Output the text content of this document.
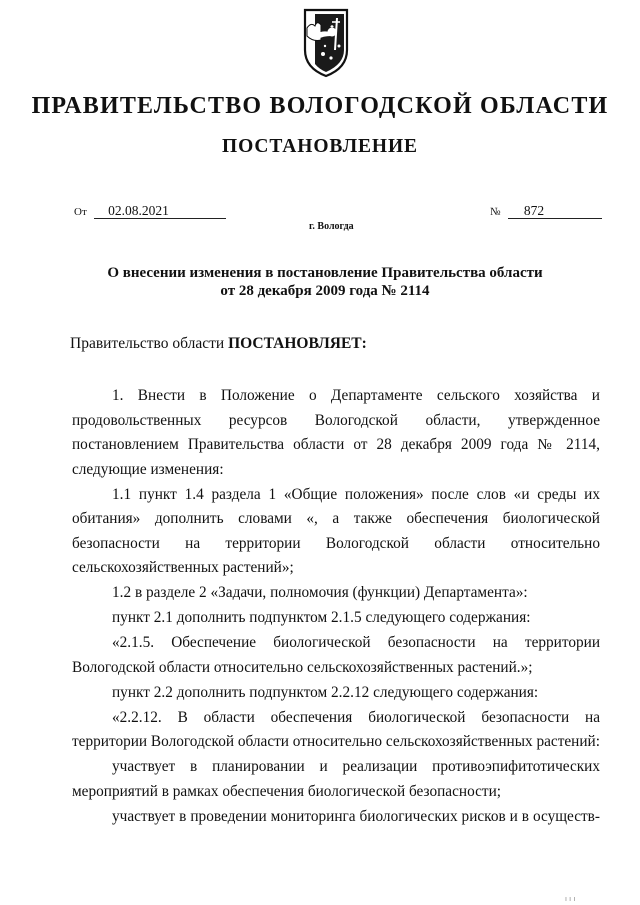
ПРАВИТЕЛЬСТВО ВОЛОГОДСКОЙ ОБЛАСТИ
ПОСТАНОВЛЕНИЕ
От 02.08.2021	№ 872
г. Вологда
О внесении изменения в постановление Правительства области
от 28 декабря 2009 года № 2114
Правительство области ПОСТАНОВЛЯЕТ:

1. Внести в Положение о Департаменте сельского хозяйства и продовольственных ресурсов Вологодской области, утвержденное постановлением Правительства области от 28 декабря 2009 года № 2114, следующие изменения:

1.1 пункт 1.4 раздела 1 «Общие положения» после слов «и среды их обитания» дополнить словами «, а также обеспечения биологической безопасности на территории Вологодской области относительно сельскохозяйственных растений»;

1.2 в разделе 2 «Задачи, полномочия (функции) Департамента»:

пункт 2.1 дополнить подпунктом 2.1.5 следующего содержания:

«2.1.5. Обеспечение биологической безопасности на территории Вологодской области относительно сельскохозяйственных растений.»;

пункт 2.2 дополнить подпунктом 2.2.12 следующего содержания:

«2.2.12. В области обеспечения биологической безопасности на территории Вологодской области относительно сельскохозяйственных растений:

участвует в планировании и реализации противоэпифитотических мероприятий в рамках обеспечения биологической безопасности;

участвует в проведении мониторинга биологических рисков и в осуществ-

ı ı ı
